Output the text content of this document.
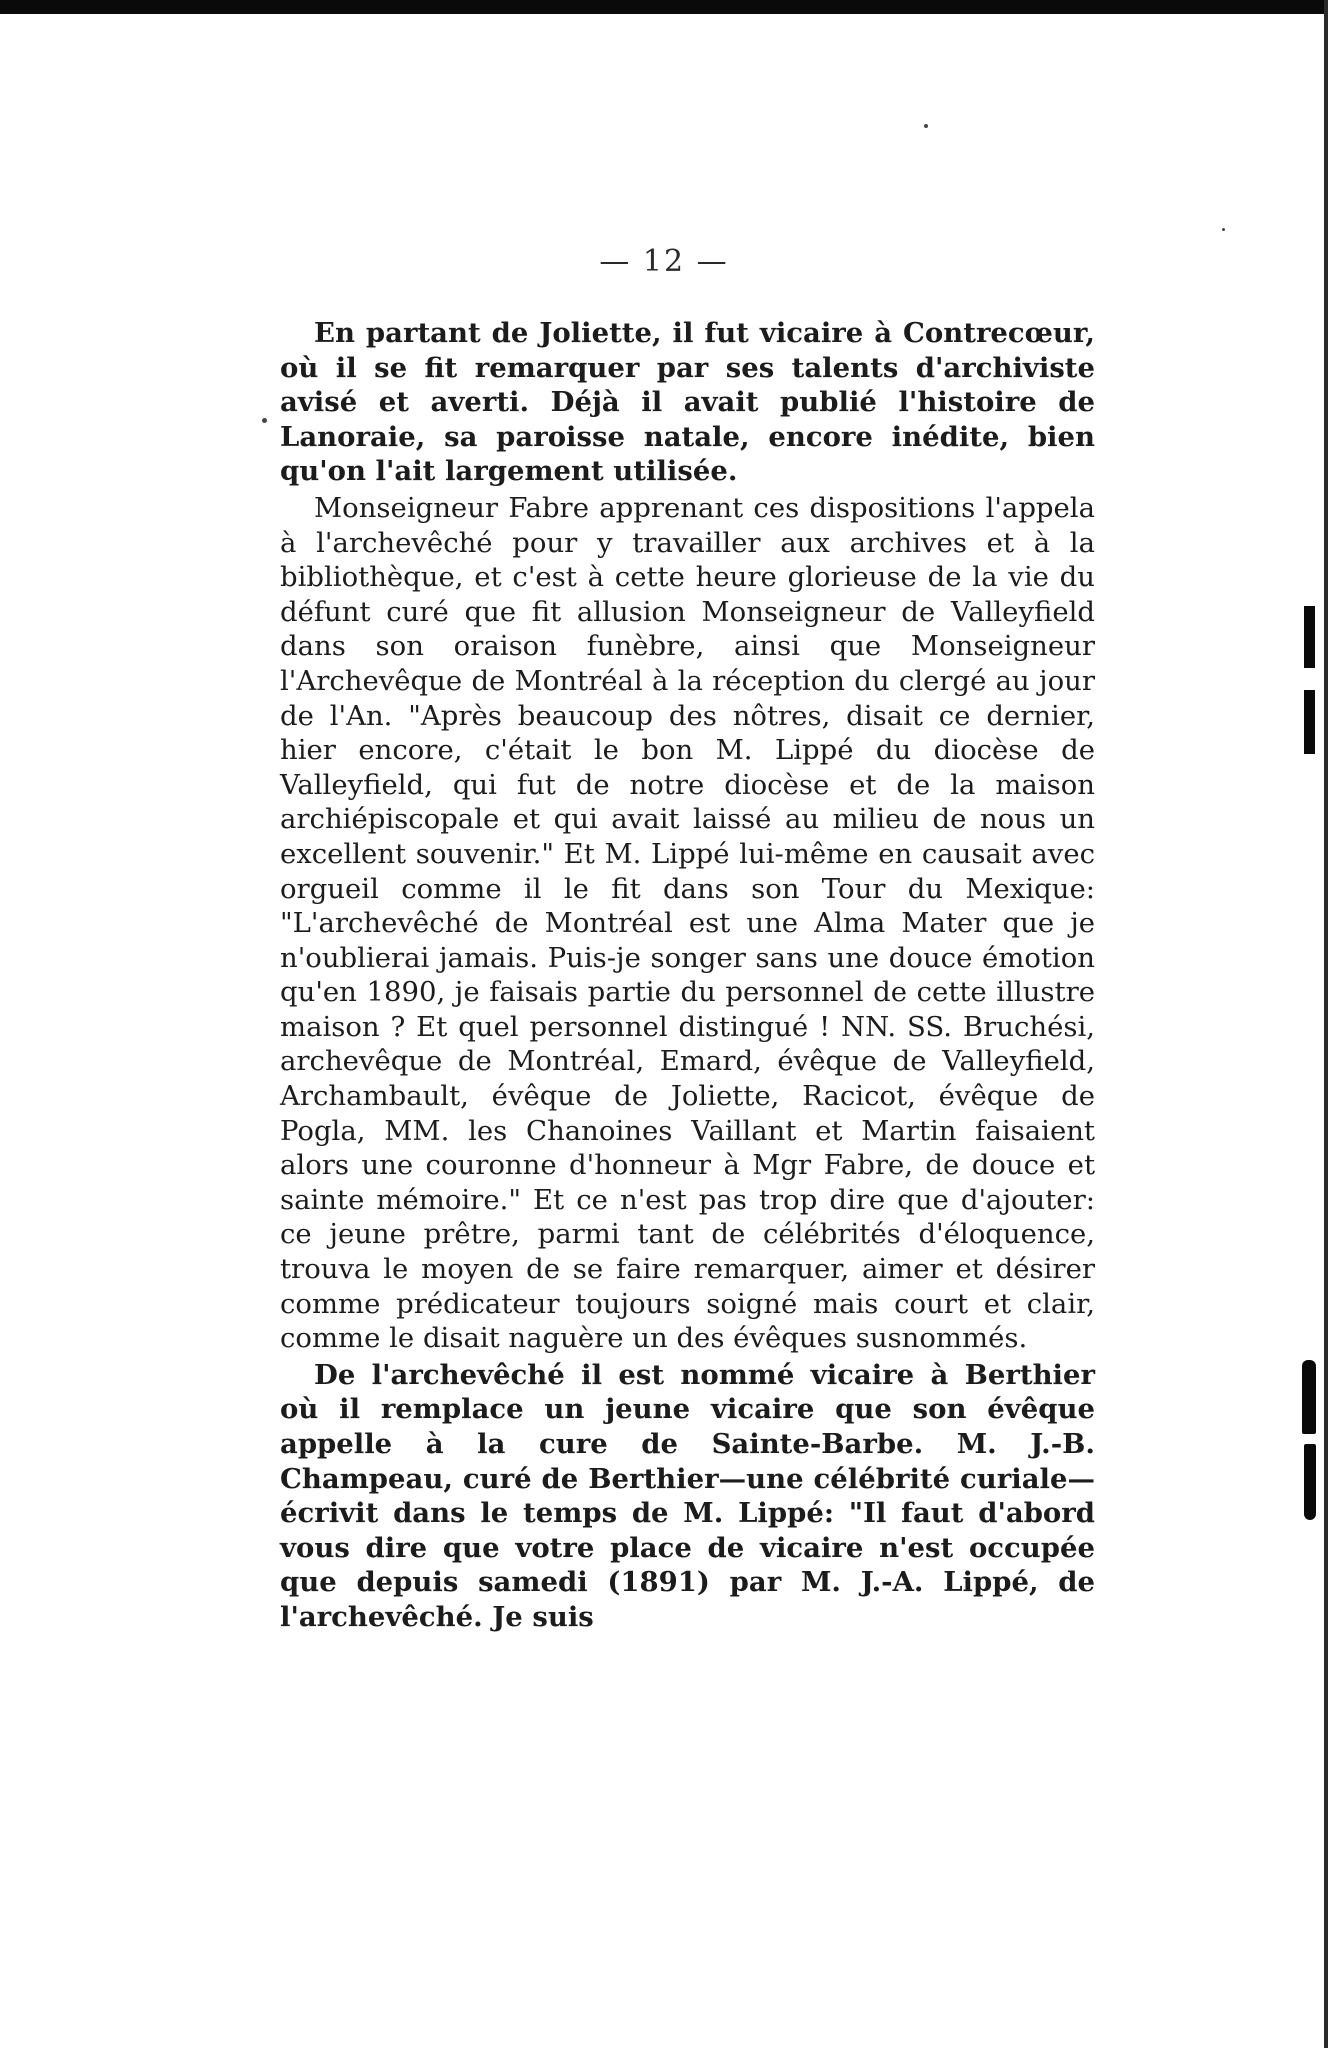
— 12 —

En partant de Joliette, il fut vicaire à Contrecœur, où il se fit remarquer par ses talents d'archiviste avisé et averti. Déjà il avait publié l'histoire de Lanoraie, sa paroisse natale, encore inédite, bien qu'on l'ait largement utilisée.

Monseigneur Fabre apprenant ces dispositions l'appela à l'archevêché pour y travailler aux archives et à la bibliothèque, et c'est à cette heure glorieuse de la vie du défunt curé que fit allusion Monseigneur de Valleyfield dans son oraison funèbre, ainsi que Monseigneur l'Archevêque de Montréal à la réception du clergé au jour de l'An. "Après beaucoup des nôtres, disait ce dernier, hier encore, c'était le bon M. Lippé du diocèse de Valleyfield, qui fut de notre diocèse et de la maison archiépiscopale et qui avait laissé au milieu de nous un excellent souvenir." Et M. Lippé lui-même en causait avec orgueil comme il le fit dans son Tour du Mexique: "L'archevêché de Montréal est une Alma Mater que je n'oublierai jamais. Puis-je songer sans une douce émotion qu'en 1890, je faisais partie du personnel de cette illustre maison ? Et quel personnel distingué ! NN. SS. Bruchési, archevêque de Montréal, Emard, évêque de Valleyfield, Archambault, évêque de Joliette, Racicot, évêque de Pogla, MM. les Chanoines Vaillant et Martin faisaient alors une couronne d'honneur à Mgr Fabre, de douce et sainte mémoire." Et ce n'est pas trop dire que d'ajouter: ce jeune prêtre, parmi tant de célébrités d'éloquence, trouva le moyen de se faire remarquer, aimer et désirer comme prédicateur toujours soigné mais court et clair, comme le disait naguère un des évêques susnommés.

De l'archevêché il est nommé vicaire à Berthier où il remplace un jeune vicaire que son évêque appelle à la cure de Sainte-Barbe. M. J.-B. Champeau, curé de Berthier—une célébrité curiale—écrivit dans le temps de M. Lippé: "Il faut d'abord vous dire que votre place de vicaire n'est occupée que depuis samedi (1891) par M. J.-A. Lippé, de l'archevêché. Je suis
